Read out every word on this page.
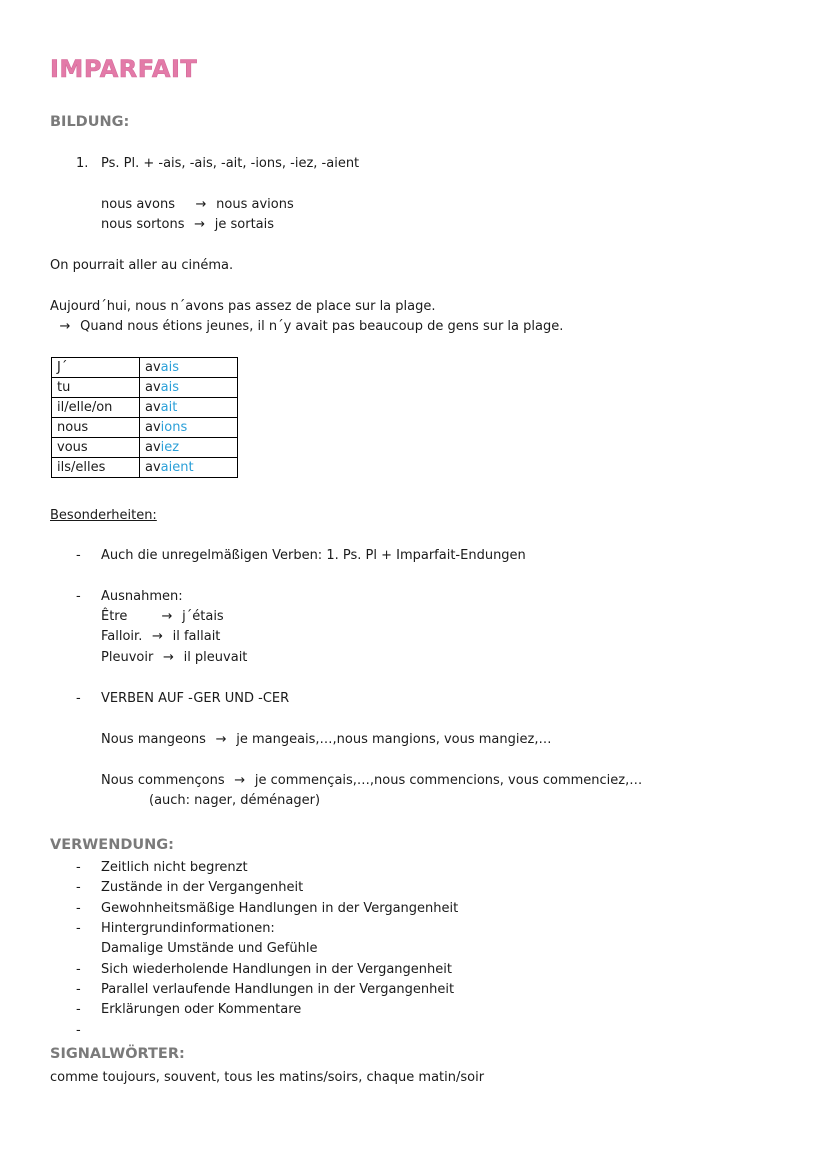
IMPARFAIT
BILDUNG:
1. Ps. Pl. + -ais, -ais, -ait, -ions, -iez, -aient
nous avons	→ nous avions
nous sortons → je sortais
On pourrait aller au cinéma.
Aujourd´hui, nous n´avons pas assez de place sur la plage.
→ Quand nous étions jeunes, il n´y avait pas beaucoup de gens sur la plage.
J´	avais
tu	avais
il/elle/on	avait
nous	avions
vous	aviez
ils/elles	avaient
Besonderheiten:
- Auch die unregelmäßigen Verben: 1. Ps. Pl + Imparfait-Endungen
- Ausnahmen:
Être	→ j´étais
Falloir. → il fallait
Pleuvoir → il pleuvait
- VERBEN AUF -GER UND -CER
Nous mangeons → je mangeais,…,nous mangions, vous mangiez,…
Nous commençons → je commençais,…,nous commencions, vous commenciez,…
(auch: nager, déménager)
VERWENDUNG:
- Zeitlich nicht begrenzt
- Zustände in der Vergangenheit
- Gewohnheitsmäßige Handlungen in der Vergangenheit
- Hintergrundinformationen:
Damalige Umstände und Gefühle
- Sich wiederholende Handlungen in der Vergangenheit
- Parallel verlaufende Handlungen in der Vergangenheit
- Erklärungen oder Kommentare
-
SIGNALWÖRTER:
comme toujours, souvent, tous les matins/soirs, chaque matin/soir
